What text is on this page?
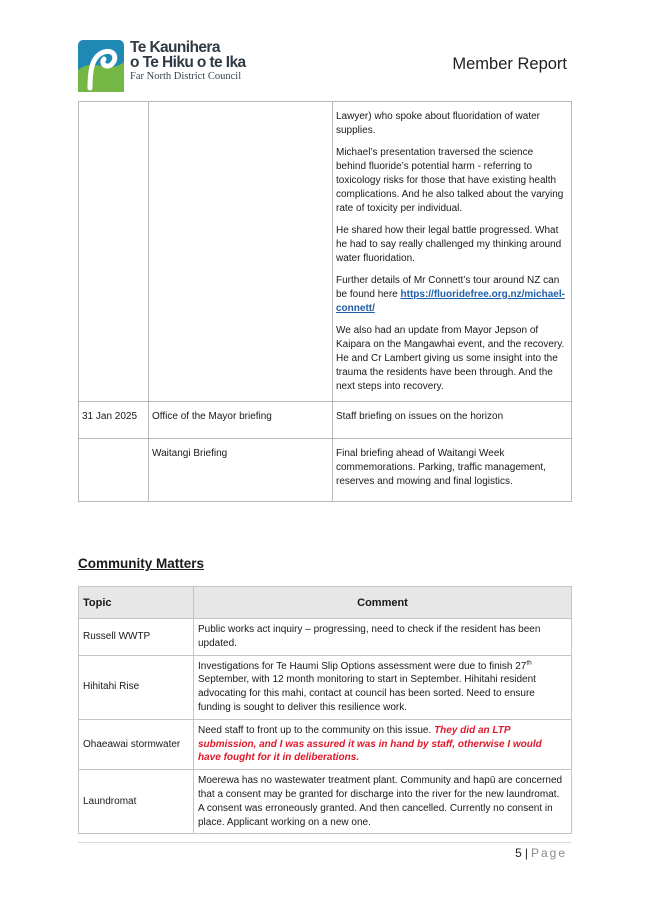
Te Kaunihera
o Te Hiku o te Ika
Far North District Council
Member Report

		Lawyer) who spoke about fluoridation of water supplies.

Michael’s presentation traversed the science behind fluoride’s potential harm - referring to toxicology risks for those that have existing health complications. And he also talked about the varying rate of toxicity per individual.

He shared how their legal battle progressed. What he had to say really challenged my thinking around water fluoridation.

Further details of Mr Connett’s tour around NZ can be found here https://fluoridefree.org.nz/michael-connett/

We also had an update from Mayor Jepson of Kaipara on the Mangawhai event, and the recovery. He and Cr Lambert giving us some insight into the trauma the residents have been through. And the next steps into recovery.

31 Jan 2025	Office of the Mayor briefing	Staff briefing on issues on the horizon
	Waitangi Briefing	Final briefing ahead of Waitangi Week commemorations. Parking, traffic management, reserves and mowing and final logistics.
Community Matters
Topic	Comment
Russell WWTP	Public works act inquiry – progressing, need to check if the resident has been updated.
Hihitahi Rise	Investigations for Te Haumi Slip Options assessment were due to finish 27th September, with 12 month monitoring to start in September. Hihitahi resident advocating for this mahi, contact at council has been sorted. Need to ensure funding is sought to deliver this resilience work.
Ohaeawai stormwater	Need staff to front up to the community on this issue. They did an LTP submission, and I was assured it was in hand by staff, otherwise I would have fought for it in deliberations.
Laundromat	Moerewa has no wastewater treatment plant. Community and hapū are concerned that a consent may be granted for discharge into the river for the new laundromat. A consent was erroneously granted. And then cancelled. Currently no consent in place. Applicant working on a new one.
5 | Page
